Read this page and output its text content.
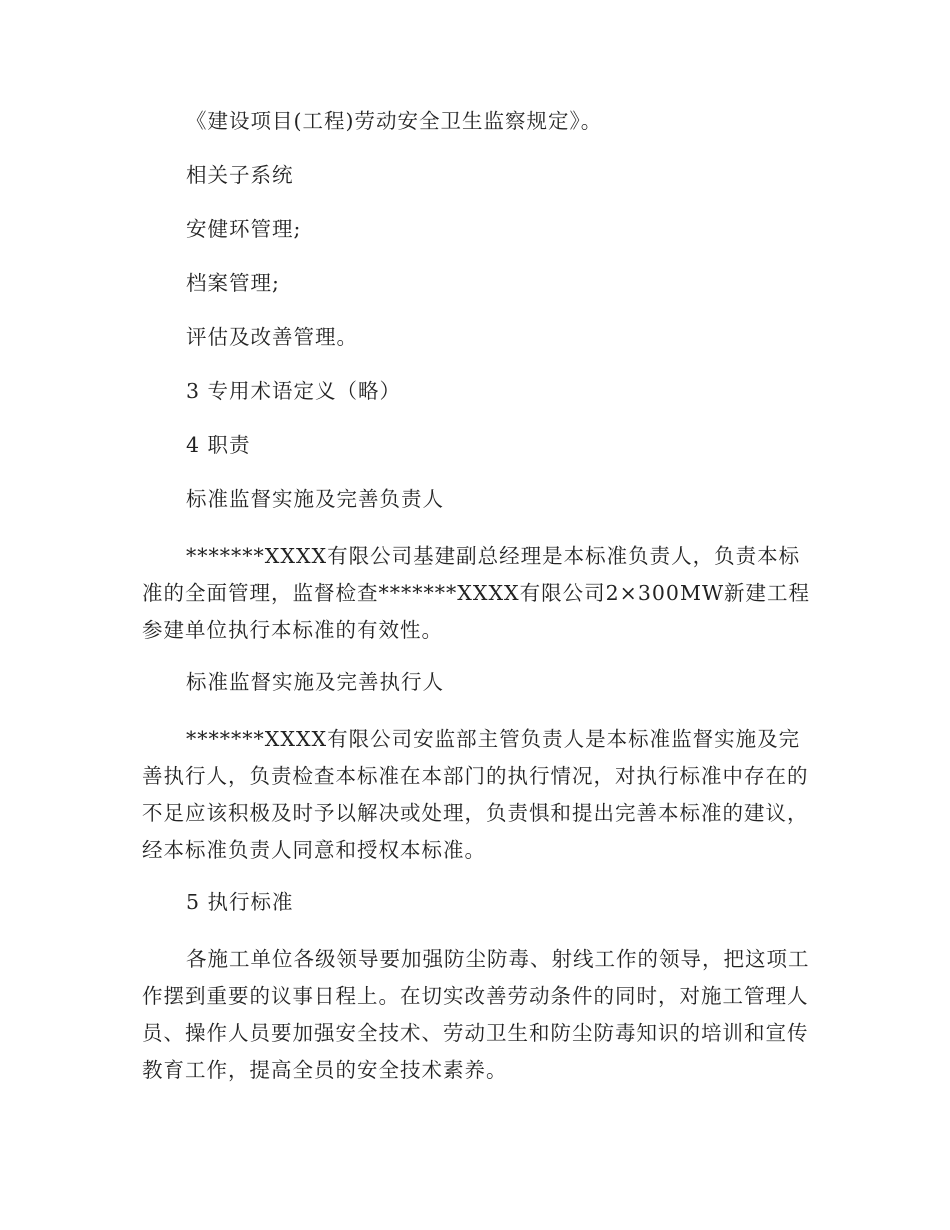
《建设项目(工程)劳动安全卫生监察规定》。

相关子系统

安健环管理;

档案管理;

评估及改善管理。

3 专用术语定义（略）

4 职责

标准监督实施及完善负责人

*******XXXX有限公司基建副总经理是本标准负责人，负责本标准的全面管理，监督检查*******XXXX有限公司2×300MW新建工程参建单位执行本标准的有效性。

标准监督实施及完善执行人

*******XXXX有限公司安监部主管负责人是本标准监督实施及完善执行人，负责检查本标准在本部门的执行情况，对执行标准中存在的不足应该积极及时予以解决或处理，负责惧和提出完善本标准的建议，经本标准负责人同意和授权本标准。

5 执行标准

各施工单位各级领导要加强防尘防毒、射线工作的领导，把这项工作摆到重要的议事日程上。在切实改善劳动条件的同时，对施工管理人员、操作人员要加强安全技术、劳动卫生和防尘防毒知识的培训和宣传教育工作，提高全员的安全技术素养。
